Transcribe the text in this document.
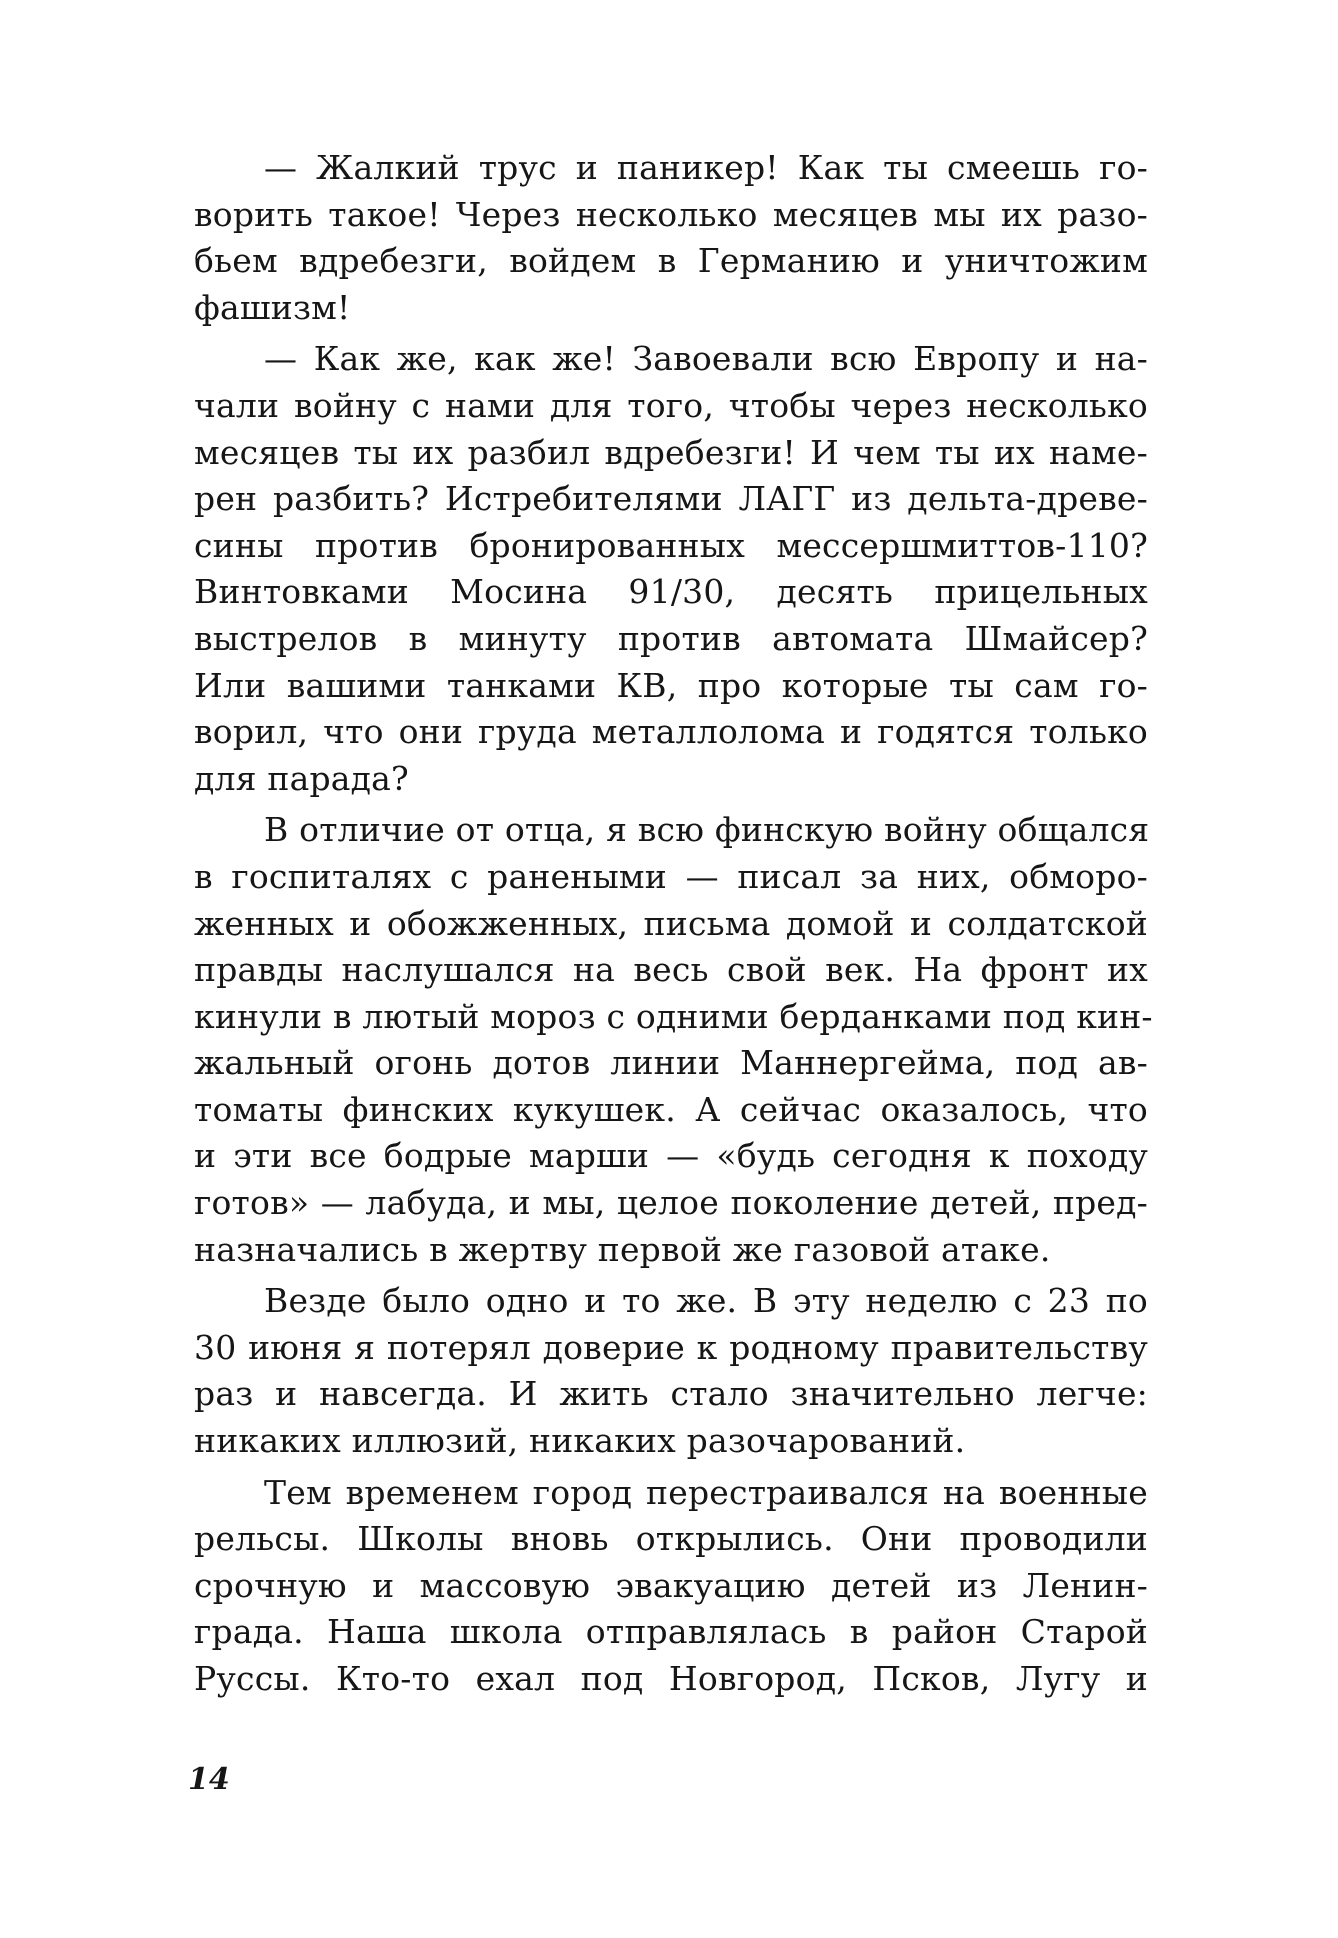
— Жалкий трус и паникер! Как ты смеешь го-
ворить такое! Через несколько месяцев мы их разо-
бьем вдребезги, войдем в Германию и уничтожим
фашизм!
— Как же, как же! Завоевали всю Европу и на-
чали войну с нами для того, чтобы через несколько
месяцев ты их разбил вдребезги! И чем ты их наме-
рен разбить? Истребителями ЛАГГ из дельта-древе-
сины против бронированных мессершмиттов-110?
Винтовками Мосина 91/30, десять прицельных
выстрелов в минуту против автомата Шмайсер?
Или вашими танками КВ, про которые ты сам го-
ворил, что они груда металлолома и годятся только
для парада?
В отличие от отца, я всю финскую войну общался
в госпиталях с ранеными — писал за них, обморо-
женных и обожженных, письма домой и солдатской
правды наслушался на весь свой век. На фронт их
кинули в лютый мороз с одними берданками под кин-
жальный огонь дотов линии Маннергейма, под ав-
томаты финских кукушек. А сейчас оказалось, что
и эти все бодрые марши — «будь сегодня к походу
готов» — лабуда, и мы, целое поколение детей, пред-
назначались в жертву первой же газовой атаке.
Везде было одно и то же. В эту неделю с 23 по
30 июня я потерял доверие к родному правительству
раз и навсегда. И жить стало значительно легче:
никаких иллюзий, никаких разочарований.
Тем временем город перестраивался на военные
рельсы. Школы вновь открылись. Они проводили
срочную и массовую эвакуацию детей из Ленин-
града. Наша школа отправлялась в район Старой
Руссы. Кто-то ехал под Новгород, Псков, Лугу и
14
